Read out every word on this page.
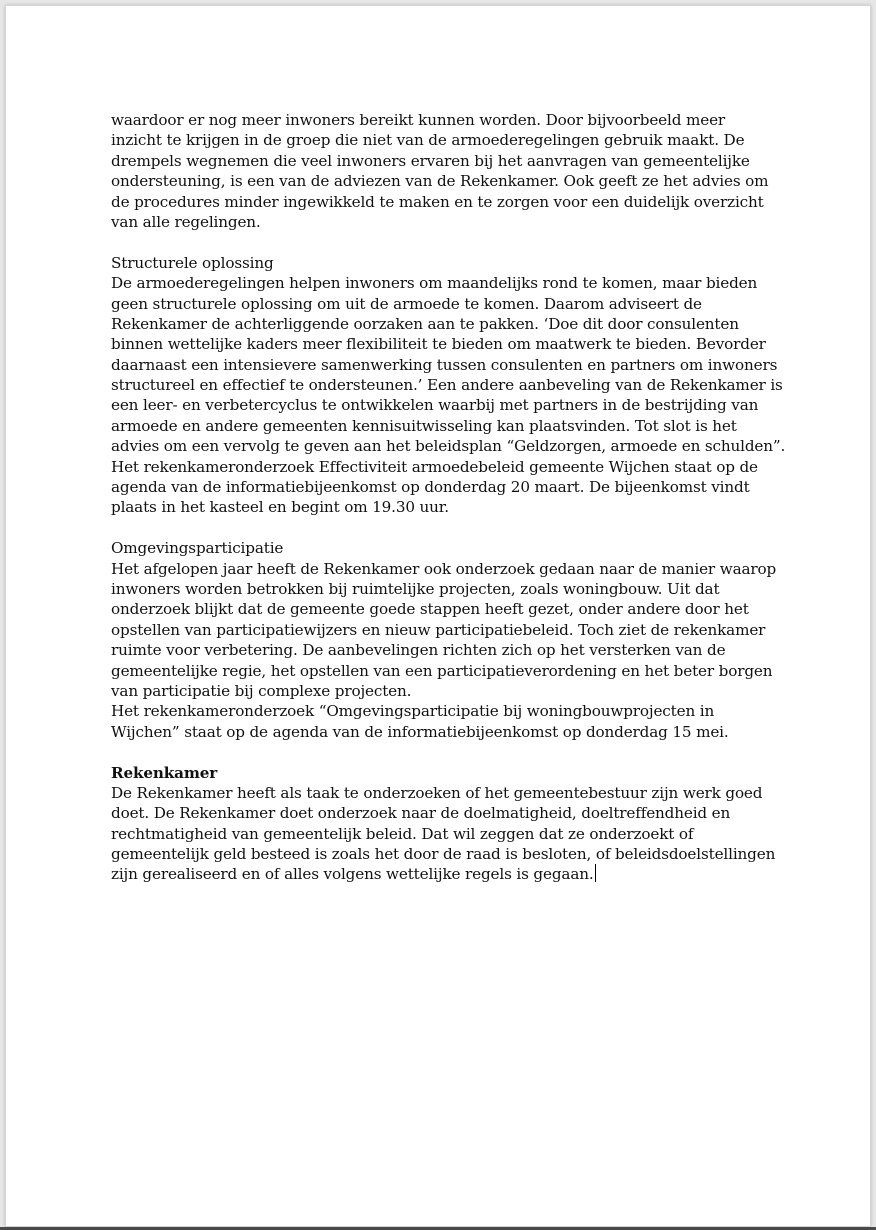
waardoor er nog meer inwoners bereikt kunnen worden. Door bijvoorbeeld meer
inzicht te krijgen in de groep die niet van de armoederegelingen gebruik maakt. De
drempels wegnemen die veel inwoners ervaren bij het aanvragen van gemeentelijke
ondersteuning, is een van de adviezen van de Rekenkamer. Ook geeft ze het advies om
de procedures minder ingewikkeld te maken en te zorgen voor een duidelijk overzicht
van alle regelingen.
Structurele oplossing
De armoederegelingen helpen inwoners om maandelijks rond te komen, maar bieden
geen structurele oplossing om uit de armoede te komen. Daarom adviseert de
Rekenkamer de achterliggende oorzaken aan te pakken. ‘Doe dit door consulenten
binnen wettelijke kaders meer flexibiliteit te bieden om maatwerk te bieden. Bevorder
daarnaast een intensievere samenwerking tussen consulenten en partners om inwoners
structureel en effectief te ondersteunen.’ Een andere aanbeveling van de Rekenkamer is
een leer- en verbetercyclus te ontwikkelen waarbij met partners in de bestrijding van
armoede en andere gemeenten kennisuitwisseling kan plaatsvinden. Tot slot is het
advies om een vervolg te geven aan het beleidsplan “Geldzorgen, armoede en schulden”.
Het rekenkameronderzoek Effectiviteit armoedebeleid gemeente Wijchen staat op de
agenda van de informatiebijeenkomst op donderdag 20 maart. De bijeenkomst vindt
plaats in het kasteel en begint om 19.30 uur.
Omgevingsparticipatie
Het afgelopen jaar heeft de Rekenkamer ook onderzoek gedaan naar de manier waarop
inwoners worden betrokken bij ruimtelijke projecten, zoals woningbouw. Uit dat
onderzoek blijkt dat de gemeente goede stappen heeft gezet, onder andere door het
opstellen van participatiewijzers en nieuw participatiebeleid. Toch ziet de rekenkamer
ruimte voor verbetering. De aanbevelingen richten zich op het versterken van de
gemeentelijke regie, het opstellen van een participatieverordening en het beter borgen
van participatie bij complexe projecten.
Het rekenkameronderzoek “Omgevingsparticipatie bij woningbouwprojecten in
Wijchen” staat op de agenda van de informatiebijeenkomst op donderdag 15 mei.
Rekenkamer
De Rekenkamer heeft als taak te onderzoeken of het gemeentebestuur zijn werk goed
doet. De Rekenkamer doet onderzoek naar de doelmatigheid, doeltreffendheid en
rechtmatigheid van gemeentelijk beleid. Dat wil zeggen dat ze onderzoekt of
gemeentelijk geld besteed is zoals het door de raad is besloten, of beleidsdoelstellingen
zijn gerealiseerd en of alles volgens wettelijke regels is gegaan.
